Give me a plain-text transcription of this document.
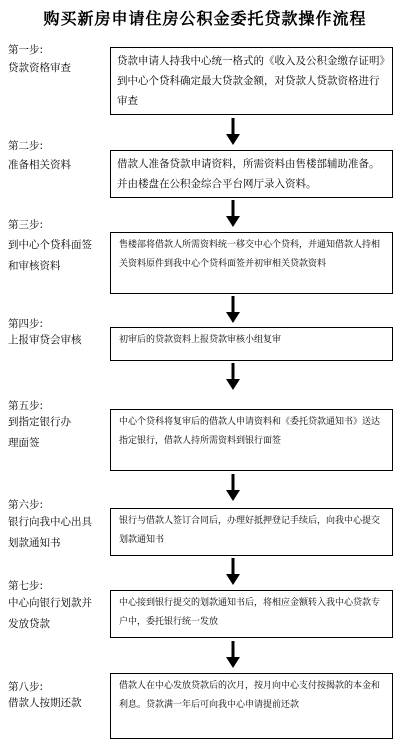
购买新房申请住房公积金委托贷款操作流程
第一步:
贷款资格审查
贷款申请人持我中心统一格式的《收入及公积金缴存证明》到中心个贷科确定最大贷款金额，对贷款人贷款资格进行审查
第二步:
准备相关资料	借款人准备贷款申请资料，所需资料由售楼部辅助准备。并由楼盘在公积金综合平台网厅录入资料。
第三步:
到中心个贷科面签和审核资料
售楼部将借款人所需资料统一移交中心个贷科，并通知借款人持相关资料原件到我中心个贷科面签并初审相关贷款资料
第四步:
上报审贷会审核	初审后的贷款资料上报贷款审核小组复审
第五步:
到指定银行办理面签
中心个贷科将复审后的借款人申请资料和《委托贷款通知书》送达指定银行，借款人持所需资料到银行面签
第六步:
银行向我中心出具划款通知书
银行与借款人签订合同后，办理好抵押登记手续后，向我中心提交划款通知书
第七步:
中心向银行划款并发放贷款
中心接到银行提交的划款通知书后，将相应金额转入我中心贷款专户中，委托银行统一发放
第八步:
借款人按期还款
借款人在中心发放贷款后的次月，按月向中心支付按揭款的本金和利息。贷款满一年后可向我中心申请提前还款
